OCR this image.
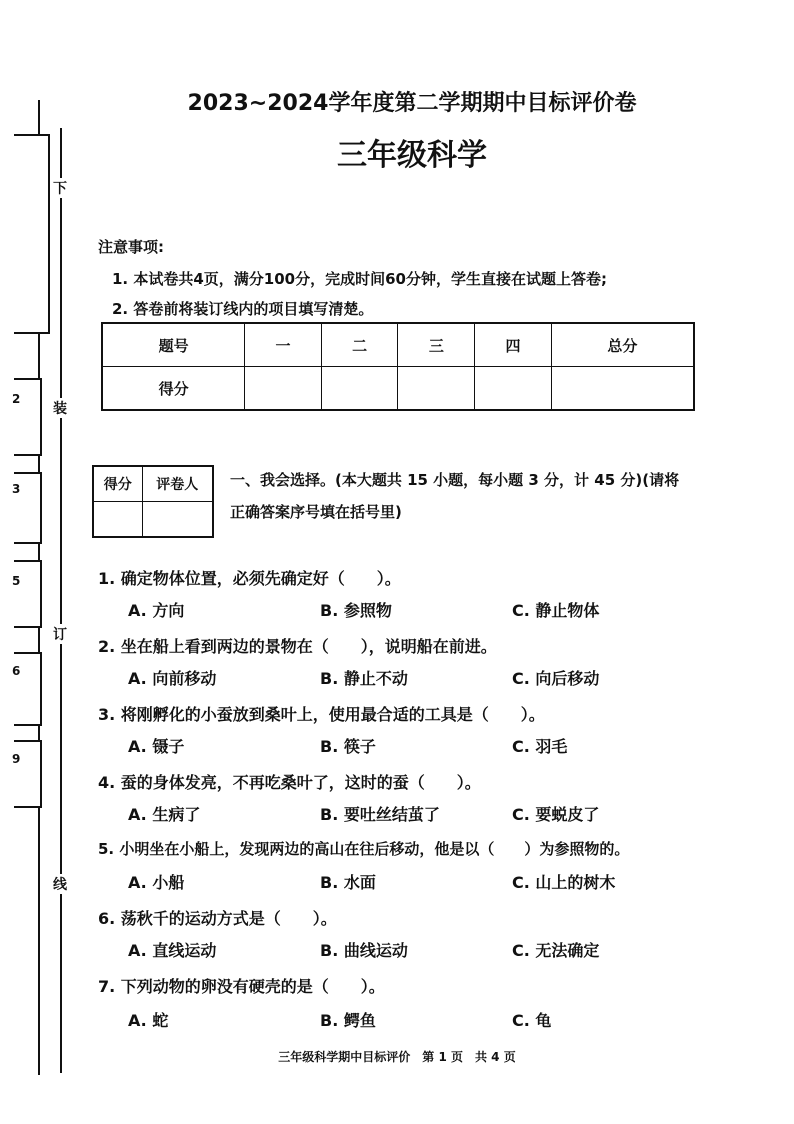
2
3
5
6
9
下
装
订
线
2023~2024学年度第二学期期中目标评价卷
三年级科学
注意事项:
1. 本试卷共4页，满分100分，完成时间60分钟，学生直接在试题上答卷;
2. 答卷前将装订线内的项目填写清楚。
题号	一	二	三	四	总分
得分					
得分	评卷人
	一、我会选择。(本大题共 15 小题，每小题 3 分，计 45 分)(请将
正确答案序号填在括号里)
1. 确定物体位置，必须先确定好（　　）。
A. 方向	B. 参照物	C. 静止物体
2. 坐在船上看到两边的景物在（　　），说明船在前进。
A. 向前移动	B. 静止不动	C. 向后移动
3. 将刚孵化的小蚕放到桑叶上，使用最合适的工具是（　　）。
A. 镊子	B. 筷子	C. 羽毛
4. 蚕的身体发亮，不再吃桑叶了，这时的蚕（　　）。
A. 生病了	B. 要吐丝结茧了	C. 要蜕皮了
5. 小明坐在小船上，发现两边的高山在往后移动，他是以（　　）为参照物的。
A. 小船	B. 水面	C. 山上的树木
6. 荡秋千的运动方式是（　　）。
A. 直线运动	B. 曲线运动	C. 无法确定
7. 下列动物的卵没有硬壳的是（　　）。
A. 蛇	B. 鳄鱼	C. 龟
三年级科学期中目标评价　第 1 页　共 4 页
